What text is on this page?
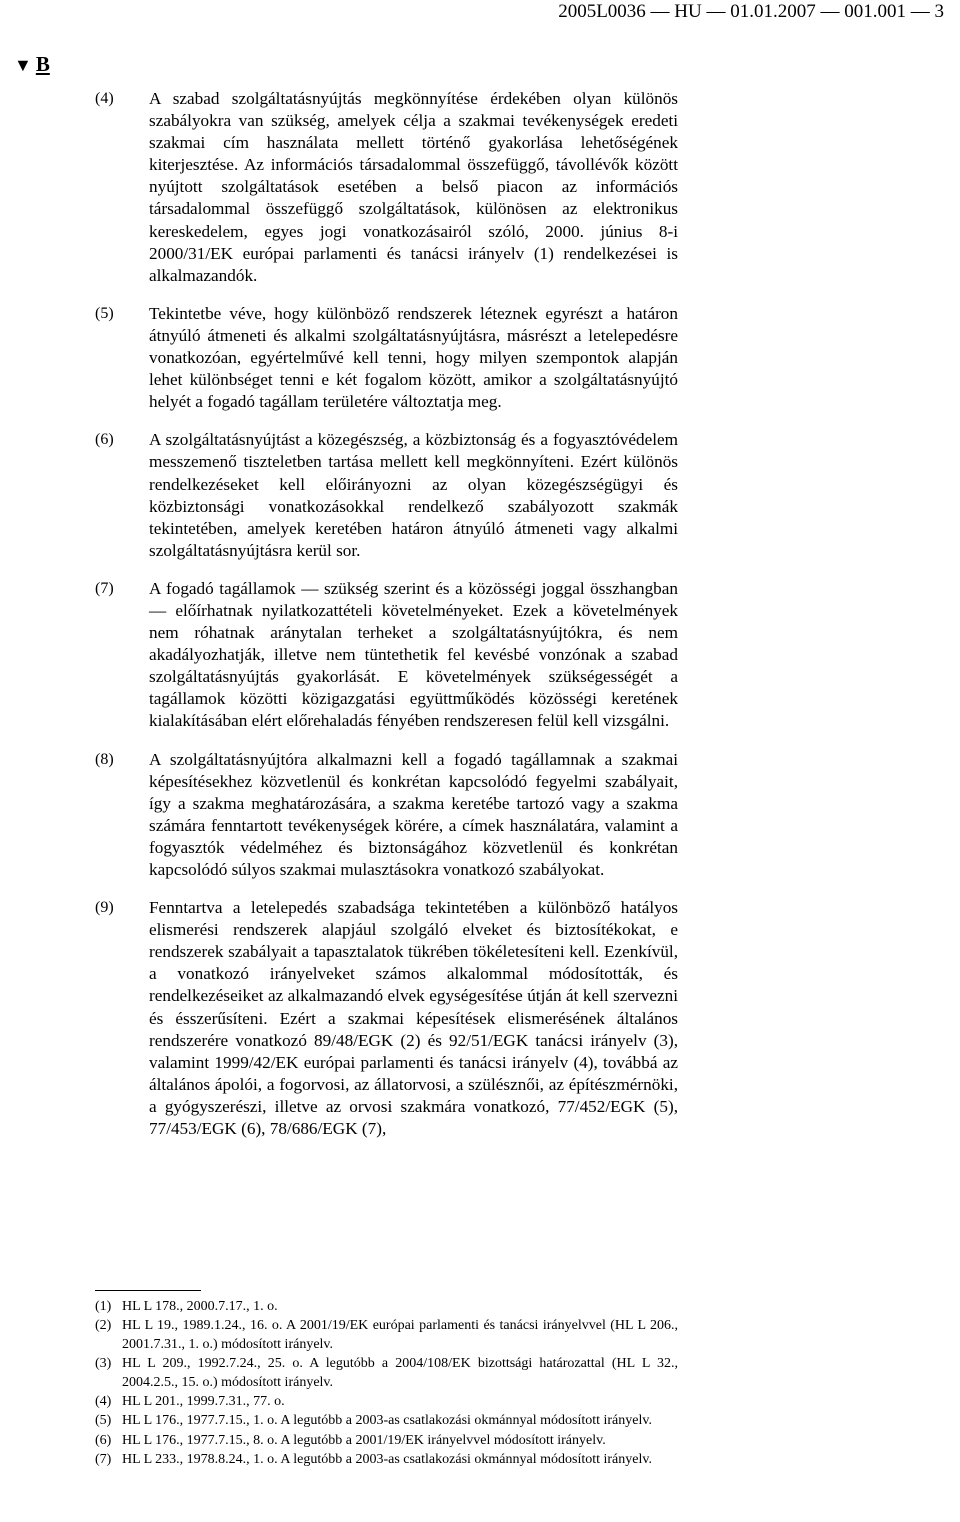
2005L0036 — HU — 01.01.2007 — 001.001 — 3
▼ B
(4)	A szabad szolgáltatásnyújtás megkönnyítése érdekében olyan különös szabályokra van szükség, amelyek célja a szakmai tevékenységek eredeti szakmai cím használata mellett történő gyakorlása lehetőségének kiterjesztése. Az információs társadalommal összefüggő, távollévők között nyújtott szolgáltatások esetében a belső piacon az információs társadalommal összefüggő szolgáltatások, különösen az elektronikus kereskedelem, egyes jogi vonatkozásairól szóló, 2000. június 8-i 2000/31/EK európai parlamenti és tanácsi irányelv (1) rendelkezései is alkalmazandók.
(5)	Tekintetbe véve, hogy különböző rendszerek léteznek egyrészt a határon átnyúló átmeneti és alkalmi szolgáltatásnyújtásra, másrészt a letelepedésre vonatkozóan, egyértelművé kell tenni, hogy milyen szempontok alapján lehet különbséget tenni e két fogalom között, amikor a szolgáltatásnyújtó helyét a fogadó tagállam területére változtatja meg.
(6)	A szolgáltatásnyújtást a közegészség, a közbiztonság és a fogyasztóvédelem messzemenő tiszteletben tartása mellett kell megkönnyíteni. Ezért különös rendelkezéseket kell előirányozni az olyan közegészségügyi és közbiztonsági vonatkozásokkal rendelkező szabályozott szakmák tekintetében, amelyek keretében határon átnyúló átmeneti vagy alkalmi szolgáltatásnyújtásra kerül sor.
(7)	A fogadó tagállamok — szükség szerint és a közösségi joggal összhangban — előírhatnak nyilatkozattételi követelményeket. Ezek a követelmények nem róhatnak aránytalan terheket a szolgáltatásnyújtókra, és nem akadályozhatják, illetve nem tüntethetik fel kevésbé vonzónak a szabad szolgáltatásnyújtás gyakorlását. E követelmények szükségességét a tagállamok közötti közigazgatási együttműködés közösségi keretének kialakításában elért előrehaladás fényében rendszeresen felül kell vizsgálni.
(8)	A szolgáltatásnyújtóra alkalmazni kell a fogadó tagállamnak a szakmai képesítésekhez közvetlenül és konkrétan kapcsolódó fegyelmi szabályait, így a szakma meghatározására, a szakma keretébe tartozó vagy a szakma számára fenntartott tevékenységek körére, a címek használatára, valamint a fogyasztók védelméhez és biztonságához közvetlenül és konkrétan kapcsolódó súlyos szakmai mulasztásokra vonatkozó szabályokat.
(9)	Fenntartva a letelepedés szabadsága tekintetében a különböző hatályos elismerési rendszerek alapjául szolgáló elveket és biztosítékokat, e rendszerek szabályait a tapasztalatok tükrében tökéletesíteni kell. Ezenkívül, a vonatkozó irányelveket számos alkalommal módosították, és rendelkezéseiket az alkalmazandó elvek egységesítése útján át kell szervezni és ésszerűsíteni. Ezért a szakmai képesítések elismerésének általános rendszerére vonatkozó 89/48/EGK (2) és 92/51/EGK tanácsi irányelv (3), valamint 1999/42/EK európai parlamenti és tanácsi irányelv (4), továbbá az általános ápolói, a fogorvosi, az állatorvosi, a szülésznői, az építészmérnöki, a gyógyszerészi, illetve az orvosi szakmára vonatkozó, 77/452/EGK (5), 77/453/EGK (6), 78/686/EGK (7),
(1) HL L 178., 2000.7.17., 1. o.
(2) HL L 19., 1989.1.24., 16. o. A 2001/19/EK európai parlamenti és tanácsi irányelvvel (HL L 206., 2001.7.31., 1. o.) módosított irányelv.
(3) HL L 209., 1992.7.24., 25. o. A legutóbb a 2004/108/EK bizottsági határozattal (HL L 32., 2004.2.5., 15. o.) módosított irányelv.
(4) HL L 201., 1999.7.31., 77. o.
(5) HL L 176., 1977.7.15., 1. o. A legutóbb a 2003-as csatlakozási okmánnyal módosított irányelv.
(6) HL L 176., 1977.7.15., 8. o. A legutóbb a 2001/19/EK irányelvvel módosított irányelv.
(7) HL L 233., 1978.8.24., 1. o. A legutóbb a 2003-as csatlakozási okmánnyal módosított irányelv.
